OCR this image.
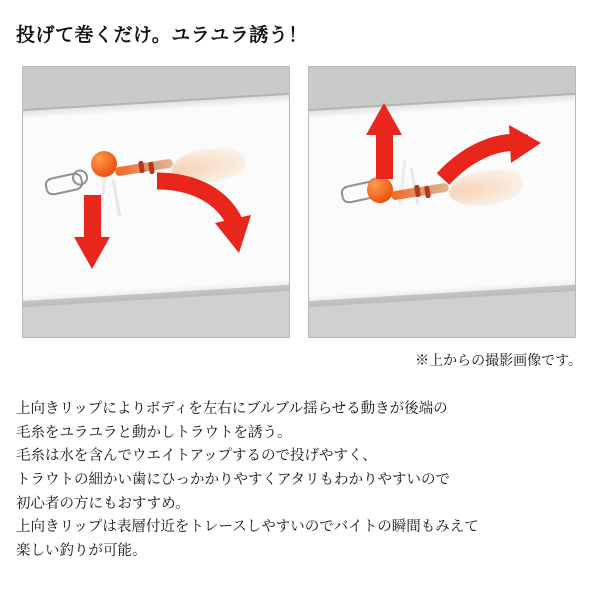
投げて巻くだけ。ユラユラ誘う！
※上からの撮影画像です。

上向きリップによりボディを左右にブルブル揺らせる動きが後端の

毛糸をユラユラと動かしトラウトを誘う。

毛糸は水を含んでウエイトアップするので投げやすく、

トラウトの細かい歯にひっかかりやすくアタリもわかりやすいので

初心者の方にもおすすめ。

上向きリップは表層付近をトレースしやすいのでバイトの瞬間もみえて

楽しい釣りが可能。
